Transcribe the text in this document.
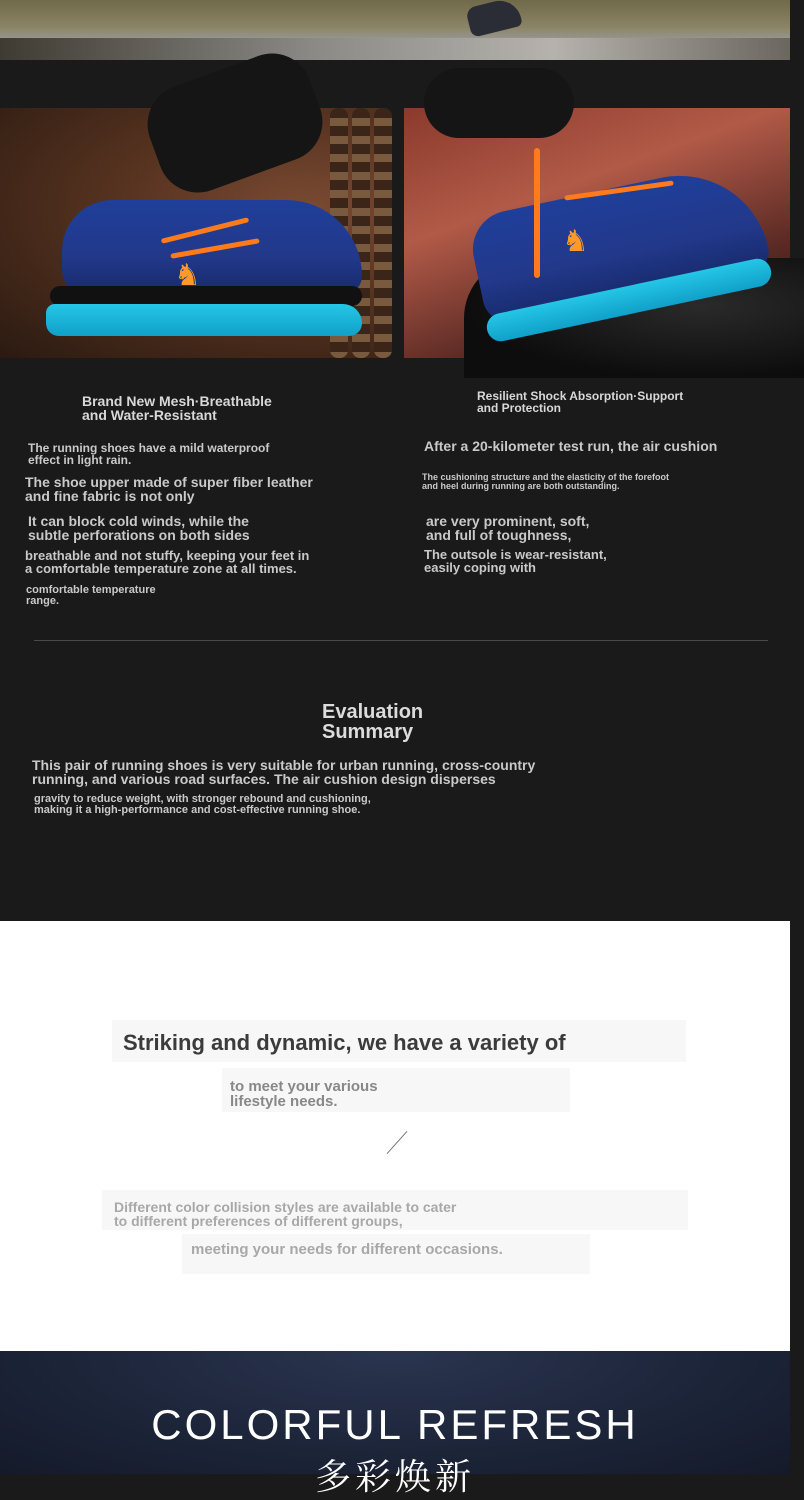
♞
♞
Brand New Mesh·Breathable
and Water-Resistant
The running shoes have a mild waterproof
effect in light rain.
The shoe upper made of super fiber leather
and fine fabric is not only
It can block cold winds, while the
subtle perforations on both sides
breathable and not stuffy, keeping your feet in
a comfortable temperature zone at all times.
comfortable temperature
range.
Resilient Shock Absorption·Support
and Protection
After a 20-kilometer test run, the air cushion
The cushioning structure and the elasticity of the forefoot
and heel during running are both outstanding.
are very prominent, soft,
and full of toughness,
The outsole is wear-resistant,
easily coping with
Evaluation
Summary
This pair of running shoes is very suitable for urban running, cross-country
running, and various road surfaces. The air cushion design disperses
gravity to reduce weight, with stronger rebound and cushioning,
making it a high-performance and cost-effective running shoe.
Striking and dynamic, we have a variety of
to meet your various
lifestyle needs.
Different color collision styles are available to cater
to different preferences of different groups,
meeting your needs for different occasions.
COLORFUL REFRESH
多彩焕新
